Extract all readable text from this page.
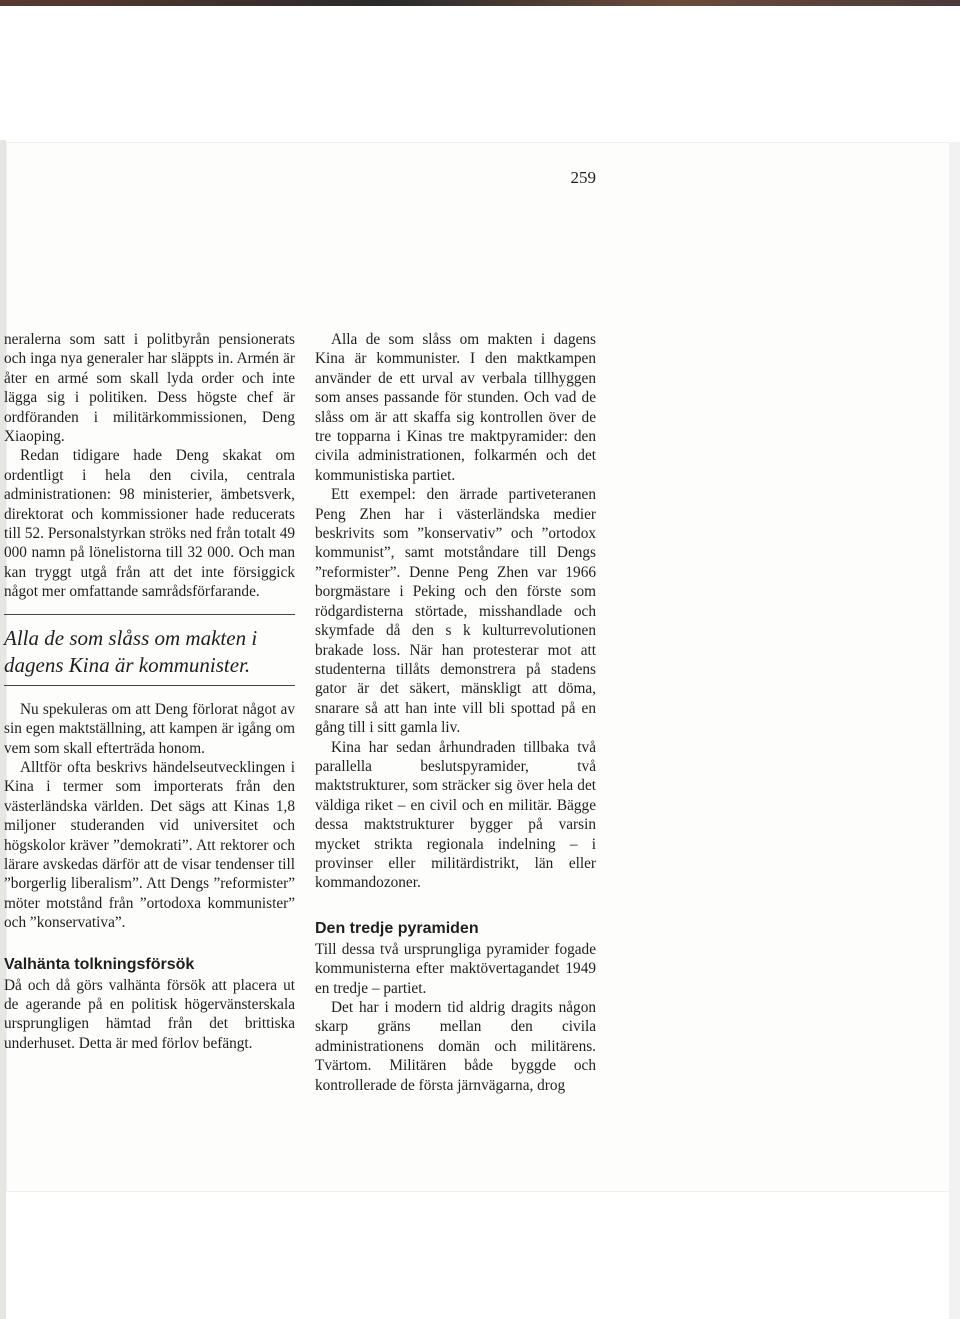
259

neralerna som satt i politbyrån pensionerats och inga nya generaler har släppts in. Armén är åter en armé som skall lyda order och inte lägga sig i politiken. Dess högste chef är ordföranden i militärkommissionen, Deng Xiaoping.

Redan tidigare hade Deng skakat om ordentligt i hela den civila, centrala administrationen: 98 ministerier, ämbetsverk, direktorat och kommissioner hade reducerats till 52. Personalstyrkan ströks ned från totalt 49 000 namn på lönelistorna till 32 000. Och man kan tryggt utgå från att det inte försiggick något mer omfattande samrådsförfarande.

Alla de som slåss om makten i dagens Kina är kommunister.

Nu spekuleras om att Deng förlorat något av sin egen maktställning, att kampen är igång om vem som skall efterträda honom.

Alltför ofta beskrivs händelseutvecklingen i Kina i termer som importerats från den västerländska världen. Det sägs att Kinas 1,8 miljoner studeranden vid universitet och högskolor kräver ”demokrati”. Att rektorer och lärare avskedas därför att de visar tendenser till ”borgerlig liberalism”. Att Dengs ”reformister” möter motstånd från ”ortodoxa kommunister” och ”konservativa”.

Valhänta tolkningsförsök

Då och då görs valhänta försök att placera ut de agerande på en politisk högervänsterskala ursprungligen hämtad från det brittiska underhuset. Detta är med förlov befängt.

Alla de som slåss om makten i dagens Kina är kommunister. I den maktkampen använder de ett urval av verbala tillhyggen som anses passande för stunden. Och vad de slåss om är att skaffa sig kontrollen över de tre topparna i Kinas tre maktpyramider: den civila administrationen, folkarmén och det kommunistiska partiet.

Ett exempel: den ärrade partiveteranen Peng Zhen har i västerländska medier beskrivits som ”konservativ” och ”ortodox kommunist”, samt motståndare till Dengs ”reformister”. Denne Peng Zhen var 1966 borgmästare i Peking och den förste som rödgardisterna störtade, misshandlade och skymfade då den s k kulturrevolutionen brakade loss. När han protesterar mot att studenterna tillåts demonstrera på stadens gator är det säkert, mänskligt att döma, snarare så att han inte vill bli spottad på en gång till i sitt gamla liv.

Kina har sedan århundraden tillbaka två parallella beslutspyramider, två maktstrukturer, som sträcker sig över hela det väldiga riket – en civil och en militär. Bägge dessa maktstrukturer bygger på varsin mycket strikta regionala indelning – i provinser eller militärdistrikt, län eller kommandozoner.

Den tredje pyramiden

Till dessa två ursprungliga pyramider fogade kommunisterna efter maktövertagandet 1949 en tredje – partiet.

Det har i modern tid aldrig dragits någon skarp gräns mellan den civila administrationens domän och militärens. Tvärtom. Militären både byggde och kontrollerade de första järnvägarna, drog
